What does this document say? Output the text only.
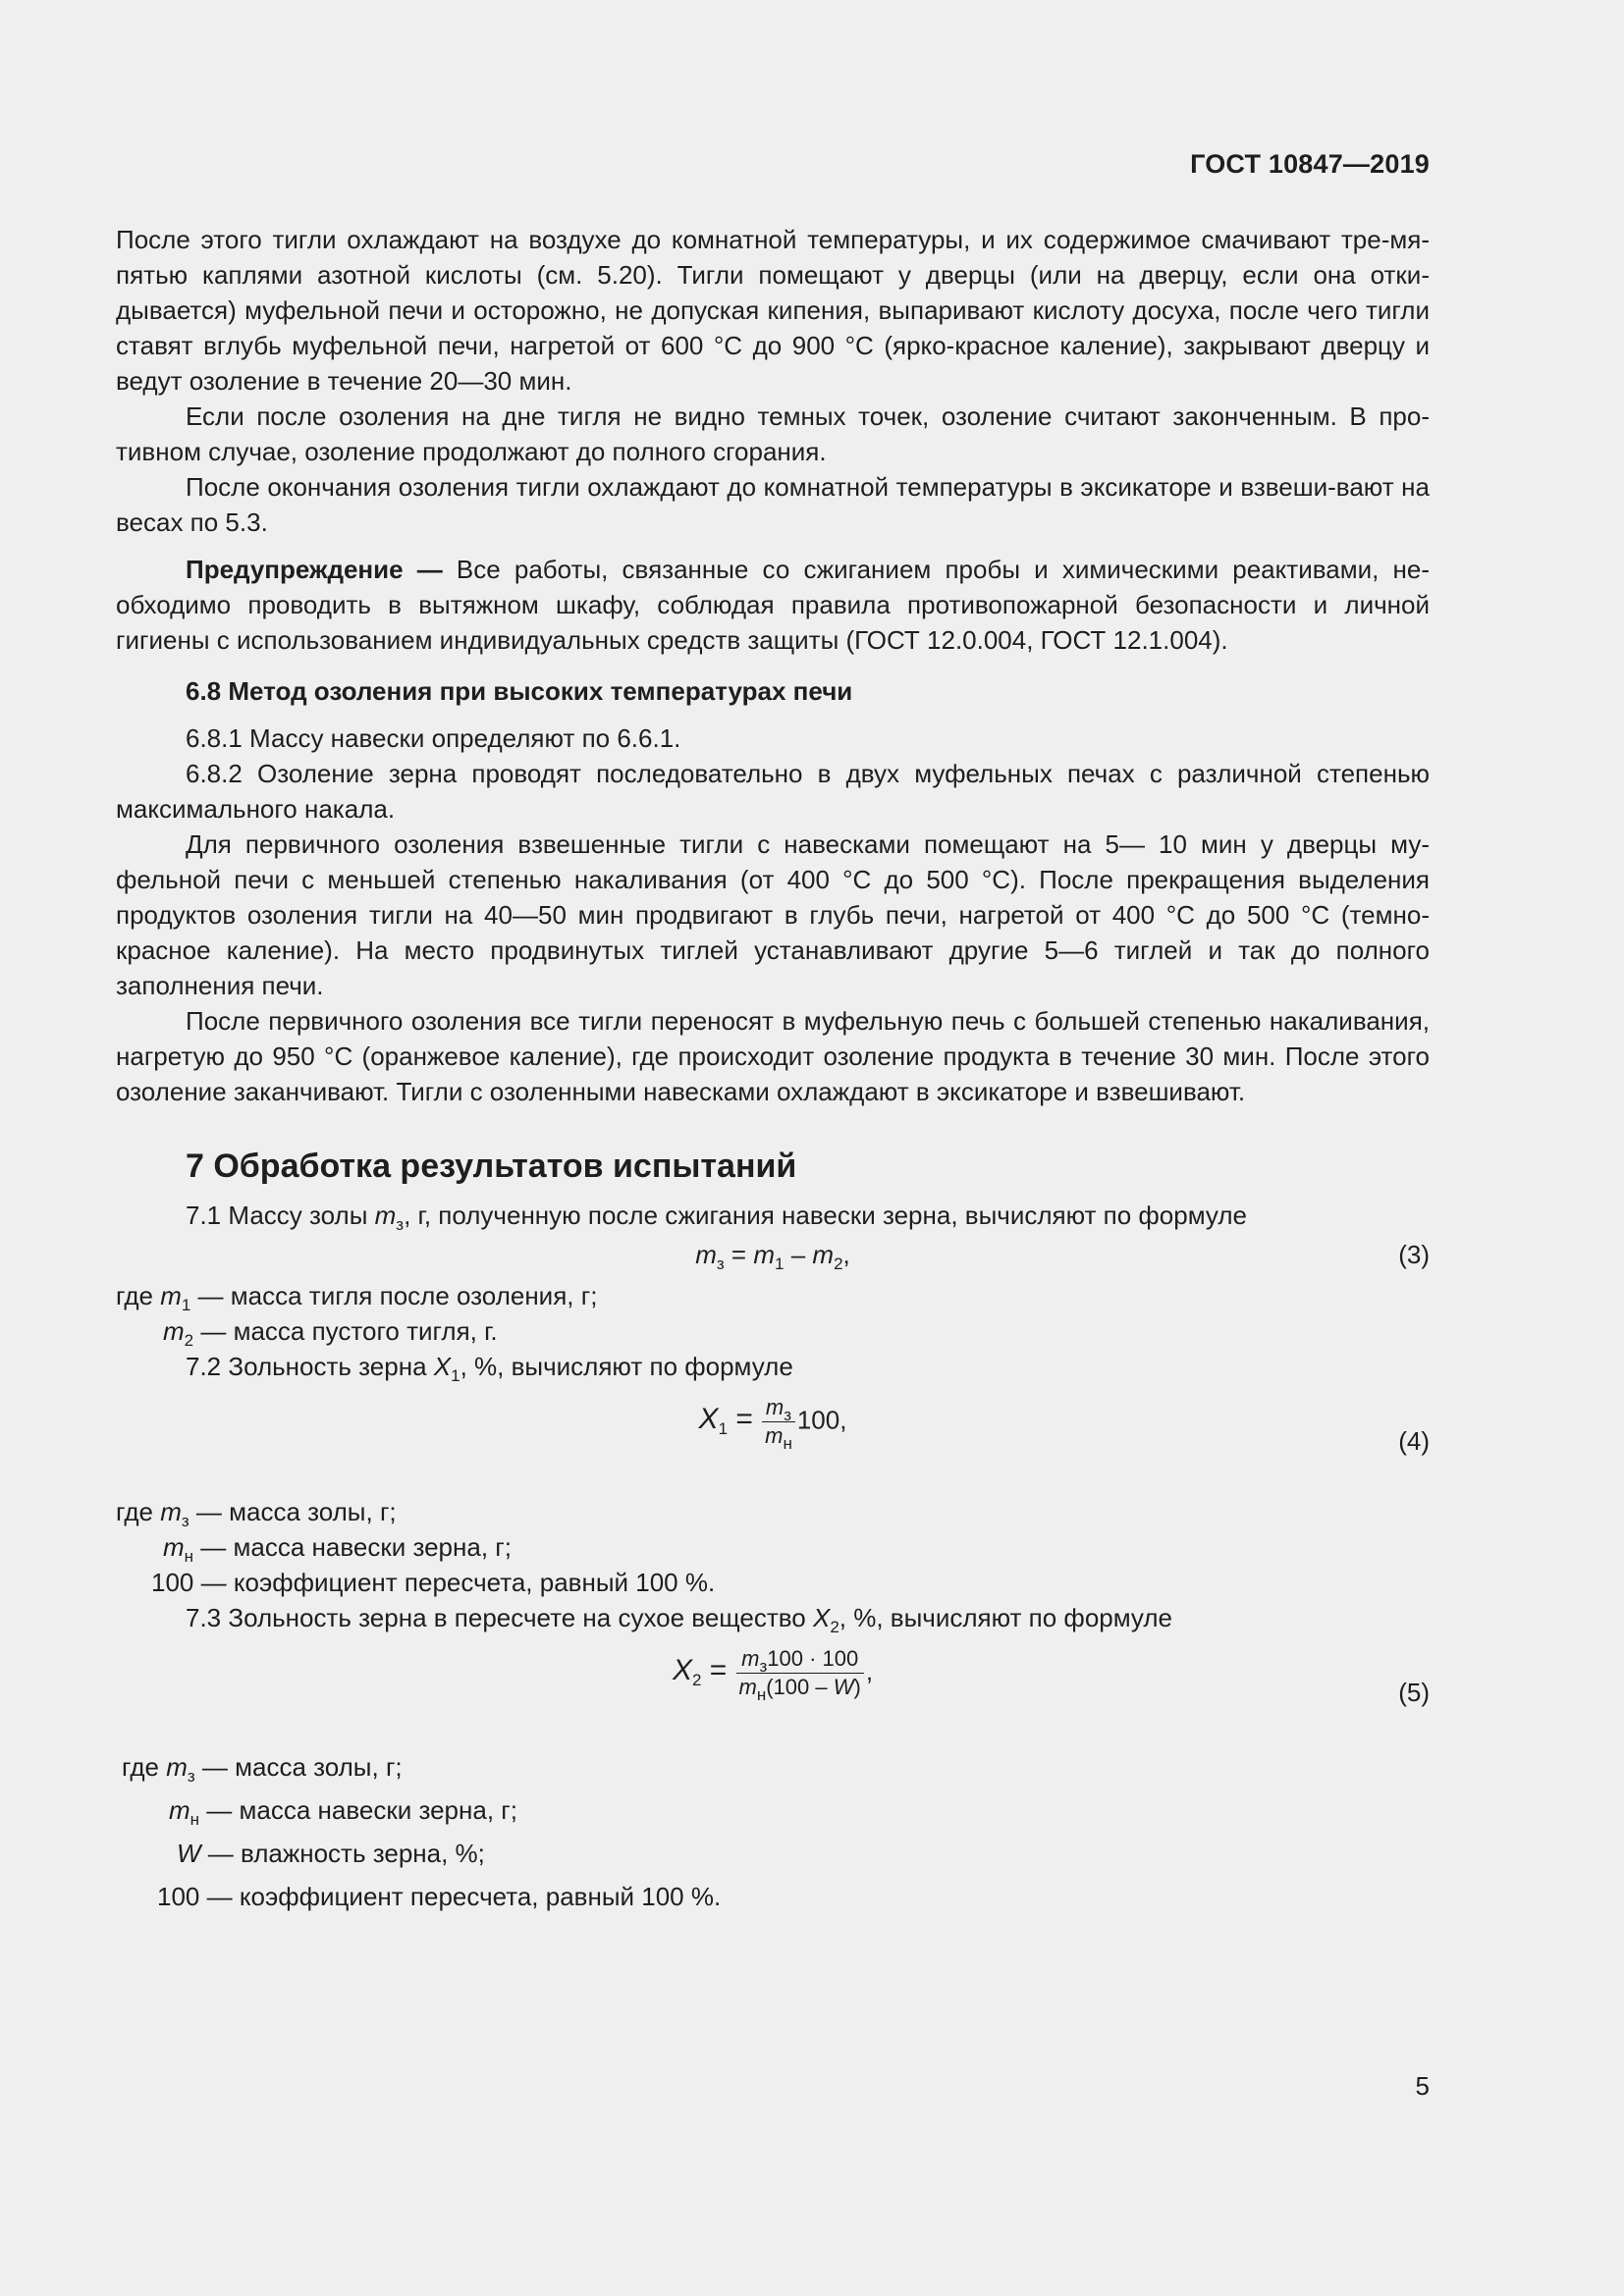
ГОСТ 10847—2019

После этого тигли охлаждают на воздухе до комнатной температуры, и их содержимое смачивают тре-мя-пятью каплями азотной кислоты (см. 5.20). Тигли помещают у дверцы (или на дверцу, если она отки-дывается) муфельной печи и осторожно, не допуская кипения, выпаривают кислоту досуха, после чего тигли ставят вглубь муфельной печи, нагретой от 600 °С до 900 °С (ярко-красное каление), закрывают дверцу и ведут озоление в течение 20—30 мин.

Если после озоления на дне тигля не видно темных точек, озоление считают законченным. В про-тивном случае, озоление продолжают до полного сгорания.

После окончания озоления тигли охлаждают до комнатной температуры в эксикаторе и взвеши-вают на весах по 5.3.

Предупреждение — Все работы, связанные со сжиганием пробы и химическими реактивами, не-обходимо проводить в вытяжном шкафу, соблюдая правила противопожарной безопасности и личной гигиены с использованием индивидуальных средств защиты (ГОСТ 12.0.004, ГОСТ 12.1.004).

6.8 Метод озоления при высоких температурах печи

6.8.1 Массу навески определяют по 6.6.1.

6.8.2 Озоление зерна проводят последовательно в двух муфельных печах с различной степенью максимального накала.

Для первичного озоления взвешенные тигли с навесками помещают на 5— 10 мин у дверцы му-фельной печи с меньшей степенью накаливания (от 400 °С до 500 °С). После прекращения выделения продуктов озоления тигли на 40—50 мин продвигают в глубь печи, нагретой от 400 °С до 500 °С (темно-красное каление). На место продвинутых тиглей устанавливают другие 5—6 тиглей и так до полного заполнения печи.

После первичного озоления все тигли переносят в муфельную печь с большей степенью накаливания, нагретую до 950 °С (оранжевое каление), где происходит озоление продукта в течение 30 мин. После этого озоление заканчивают. Тигли с озоленными навесками охлаждают в эксикаторе и взвешивают.

7 Обработка результатов испытаний

7.1 Массу золы $m_з$, г, полученную после сжигания навески зерна, вычисляют по формуле

$m_з = m_1 - m_2$,	(3)

где $m_1$ — масса тигля после озоления, г;

$m_2$ — масса пустого тигля, г.

7.2 Зольность зерна $X_1$, %, вычисляют по формуле

$X_1 = \frac{m_з}{m_н} 100$,
(4)

где $m_з$ — масса золы, г;

$m_н$ — масса навески зерна, г;

100 — коэффициент пересчета, равный 100 %.

7.3 Зольность зерна в пересчете на сухое вещество $X_2$, %, вычисляют по формуле

$X_2 = \frac{m_з100 \cdot 100}{m_н(100 - W)}$ ,
(5)

где $m_з$ — масса золы, г;

$m_н$ — масса навески зерна, г;

W — влажность зерна, %;

100 — коэффициент пересчета, равный 100 %.

5
